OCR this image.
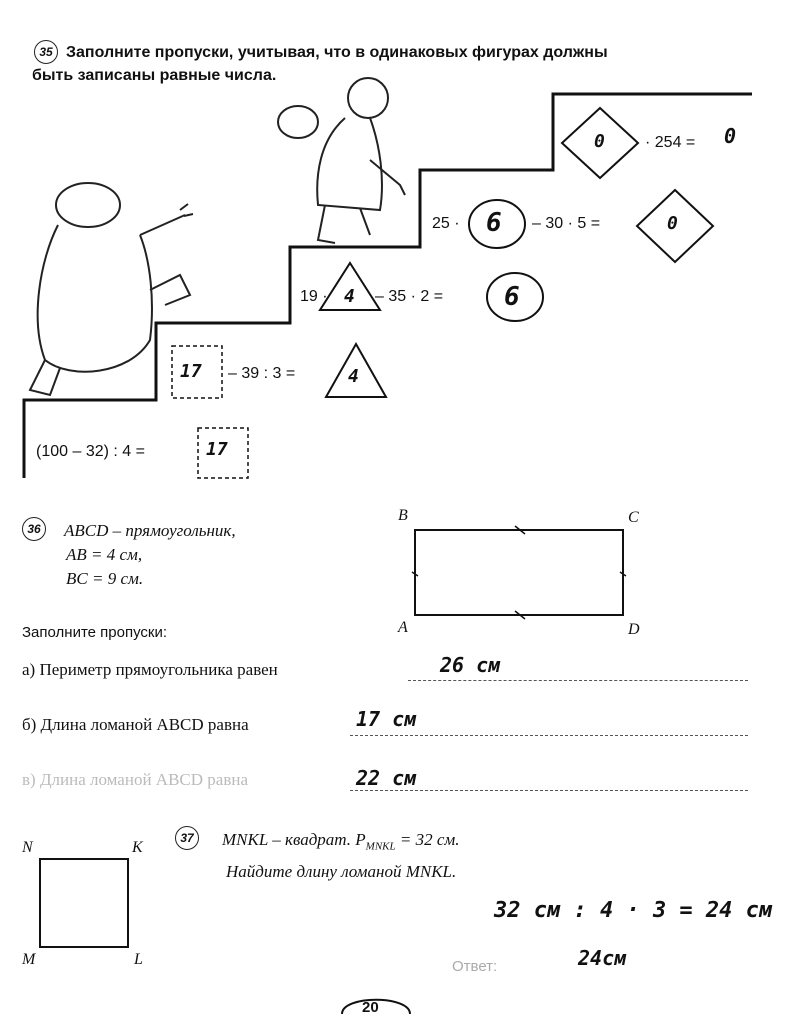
35 Заполните пропуски, учитывая, что в одинаковых фигурах должны
быть записаны равные числа.
0	· 254 = 0
25 · 6 – 30 · 5 =	0
19 · 4 – 35 · 2 = 6
17 – 39 : 3 =	4
(100 – 32) : 4 =	17
36	ABCD – прямоугольник,
AB = 4 см,
BC = 9 см.
B	C
A	D
Заполните пропуски:
а) Периметр прямоугольника равен	26 см
б) Длина ломаной ABCD равна	17 см
в) Длина ломаной ABCD равна	22 см
N	K
M	L
37	MNKL – квадрат. $P_{MNKL} = 32$ см.
Найдите длину ломаной MNKL.
32 см : 4 · 3 = 24 см
Ответ:	24см
20
